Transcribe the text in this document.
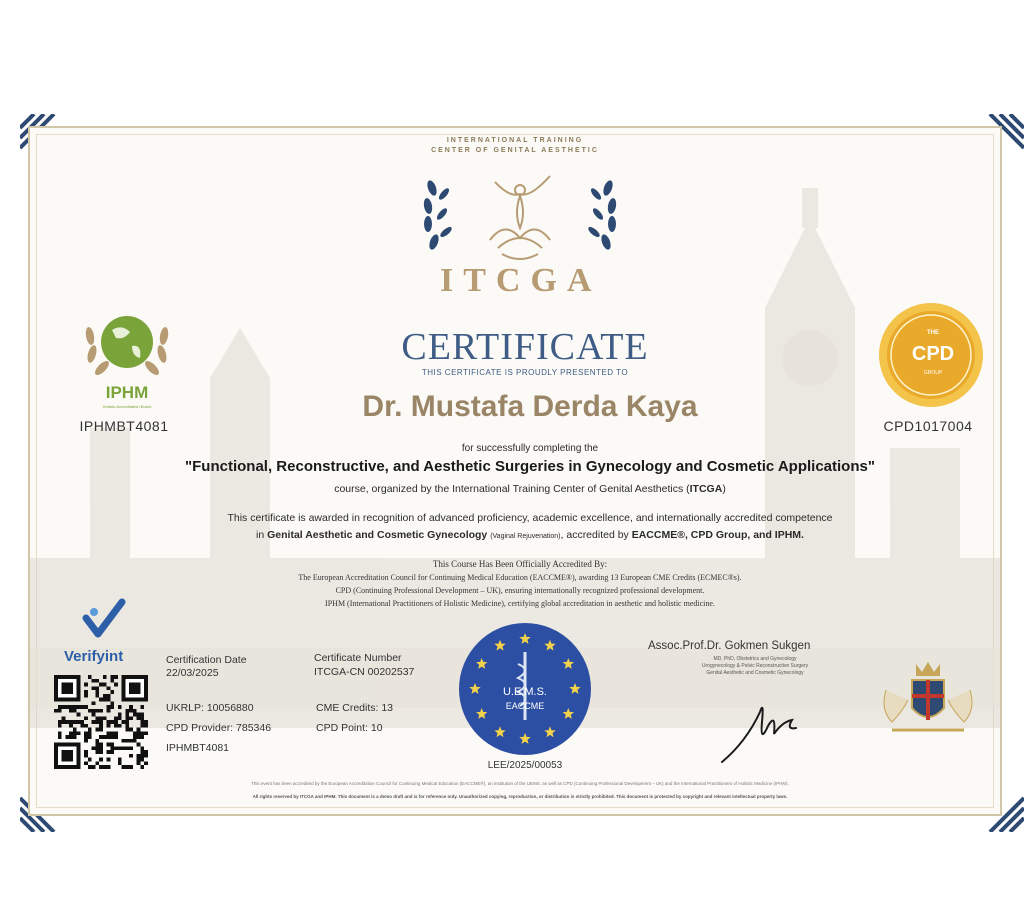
INTERNATIONAL TRAINING
CENTER OF GENITAL AESTHETIC
ITCGA
CERTIFICATE
THIS CERTIFICATE IS PROUDLY PRESENTED TO
Dr. Mustafa Derda Kaya
for successfully completing the
"Functional, Reconstructive, and Aesthetic Surgeries in Gynecology and Cosmetic Applications"
course, organized by the International Training Center of Genital Aesthetics (ITCGA)
This certificate is awarded in recognition of advanced proficiency, academic excellence, and internationally accredited competence
in Genital Aesthetic and Cosmetic Gynecology (Vaginal Rejuvenation), accredited by EACCME®, CPD Group, and IPHM.
This Course Has Been Officially Accredited By:
The European Accreditation Council for Continuing Medical Education (EACCME®), awarding 13 European CME Credits (ECMEC®s).
CPD (Continuing Professional Development – UK), ensuring internationally recognized professional development.
IPHM (International Practitioners of Holistic Medicine), certifying global accreditation in aesthetic and holistic medicine.
IPHM
Holistic Accreditation Board
IPHMBT4081
THE
CPD
GROUP
CPD1017004
Verifyint	Certification Date
22/03/2025
Certificate Number
ITCGA-CN 00202537
UKRLP: 10056880	CME Credits: 13
CPD Provider: 785346	CPD Point: 10
IPHMBT4081
U.E.M.S.
EACCME
LEE/2025/00053
Assoc.Prof.Dr. Gokmen Sukgen
MD, PhD, Obstetrics and Gynecology
Urogynecology & Pelvic Reconstructive Surgery
Genital Aesthetic and Cosmetic Gynecology
This event has been accredited by the European Accreditation Council for Continuing Medical Education (EACCME®), an institution of the UEMS, as well as CPD (Continuing Professional Development – UK) and the International Practitioners of Holistic Medicine (IPHM).
All rights reserved by ITCGA and IPHM. This document is a demo draft and is for reference only. Unauthorized copying, reproduction, or distribution is strictly prohibited. This document is protected by copyright and relevant intellectual property laws.
